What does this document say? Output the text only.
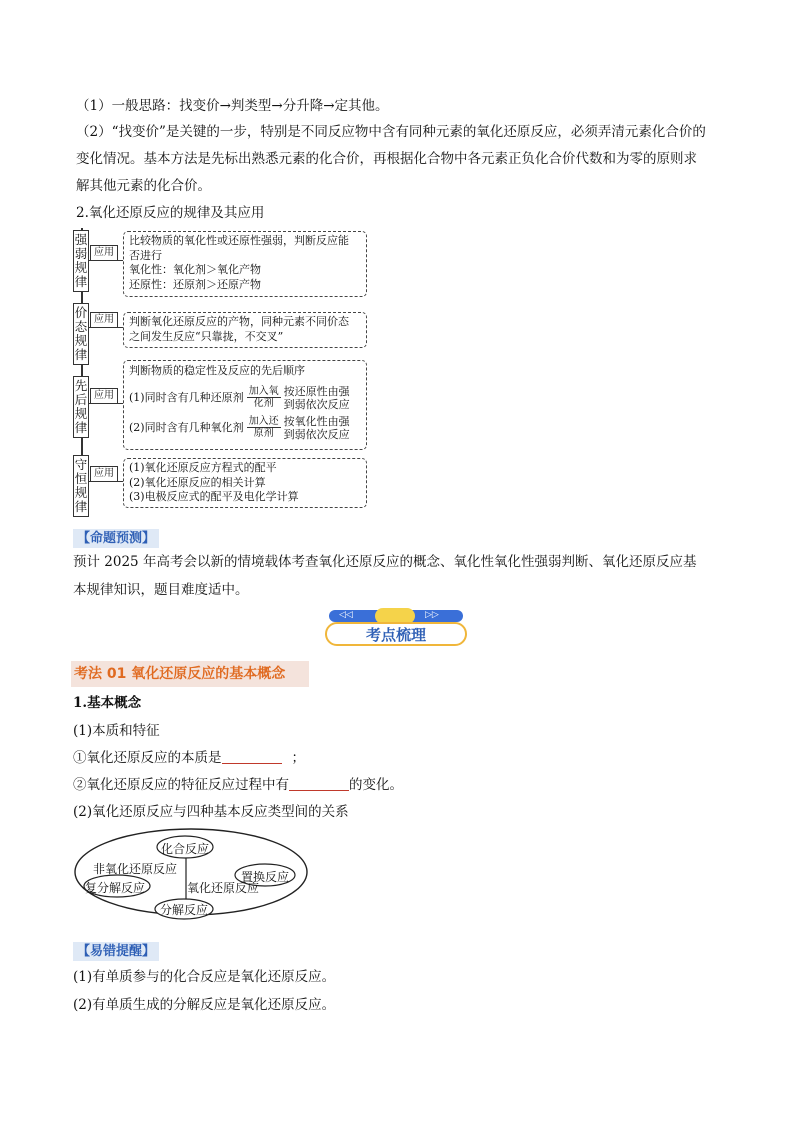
（1）一般思路：找变价→判类型→分升降→定其他。
（2）“找变价”是关键的一步，特别是不同反应物中含有同种元素的氧化还原反应，必须弄清元素化合价的
变化情况。基本方法是先标出熟悉元素的化合价，再根据化合物中各元素正负化合价代数和为零的原则求
解其他元素的化合价。
2.氧化还原反应的规律及其应用
强
弱
规
律
应用
比较物质的氧化性或还原性强弱，判断反应能
否进行
氧化性：氧化剂＞氧化产物
还原性：还原剂＞还原产物
价
态
规
律
应用	判断氧化还原反应的产物，同种元素不同价态
之间发生反应“只靠拢，不交叉”
先
后
规
律
应用
判断物质的稳定性及反应的先后顺序
(1)同时含有几种还原剂 $\frac{\text{加入氧}}{\text{化剂}}$ 按还原性由强
到弱依次反应
(2)同时含有几种氧化剂 $\frac{\text{加入还}}{\text{原剂}}$ 按氧化性由强
到弱依次反应
守
恒
规
律
应用	(1)氧化还原反应方程式的配平
(2)氧化还原反应的相关计算
(3)电极反应式的配平及电化学计算
【命题预测】
预计 2025 年高考会以新的情境载体考查氧化还原反应的概念、氧化性氧化性强弱判断、氧化还原反应基
本规律知识，题目难度适中。
◁◁	▷▷
考点梳理
考法 01 氧化还原反应的基本概念
1.基本概念
(1)本质和特征
①氧化还原反应的本质是	；
②氧化还原反应的特征反应过程中有	的变化。
(2)氧化还原反应与四种基本反应类型间的关系
化合反应
非氧化还原反应
氧化还原反应
复分解反应
置换反应
分解反应
【易错提醒】
(1)有单质参与的化合反应是氧化还原反应。
(2)有单质生成的分解反应是氧化还原反应。
